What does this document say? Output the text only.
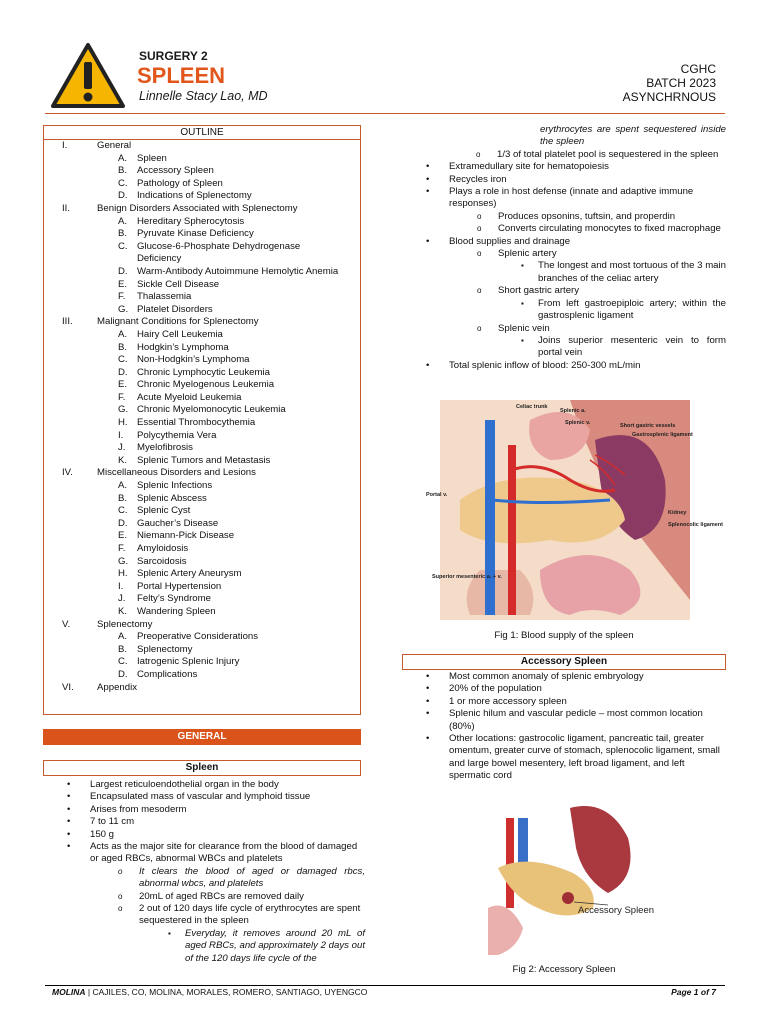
SURGERY 2
SPLEEN
Linnelle Stacy Lao, MD
CGHC
BATCH 2023
ASYNCHRNOUS
OUTLINE
I.	General
A. Spleen
B. Accessory Spleen
C. Pathology of Spleen
D. Indications of Splenectomy
II.	Benign Disorders Associated with Splenectomy
A. Hereditary Spherocytosis
B. Pyruvate Kinase Deficiency
C. Glucose-6-Phosphate Dehydrogenase Deficiency
D. Warm-Antibody Autoimmune Hemolytic Anemia
E. Sickle Cell Disease
F. Thalassemia
G. Platelet Disorders
III.	Malignant Conditions for Splenectomy
A. Hairy Cell Leukemia
B. Hodgkin’s Lymphoma
C. Non-Hodgkin’s Lymphoma
D. Chronic Lymphocytic Leukemia
E. Chronic Myelogenous Leukemia
F. Acute Myeloid Leukemia
G. Chronic Myelomonocytic Leukemia
H. Essential Thrombocythemia
I. Polycythemia Vera
J. Myelofibrosis
K. Splenic Tumors and Metastasis
IV.	Miscellaneous Disorders and Lesions
A. Splenic Infections
B. Splenic Abscess
C. Splenic Cyst
D. Gaucher’s Disease
E. Niemann-Pick Disease
F. Amyloidosis
G. Sarcoidosis
H. Splenic Artery Aneurysm
I. Portal Hypertension
J. Felty’s Syndrome
K. Wandering Spleen
V.	Splenectomy
A. Preoperative Considerations
B. Splenectomy
C. Iatrogenic Splenic Injury
D. Complications
VI.	Appendix
GENERAL
Spleen
• Largest reticuloendothelial organ in the body
• Encapsulated mass of vascular and lymphoid tissue
• Arises from mesoderm
• 7 to 11 cm
• 150 g
• Acts as the major site for clearance from the blood of damaged or aged RBCs, abnormal WBCs and platelets
o It clears the blood of aged or damaged rbcs, abnormal wbcs, and platelets
o 20mL of aged RBCs are removed daily
o 2 out of 120 days life cycle of erythrocytes are spent sequestered in the spleen
▪ Everyday, it removes around 20 mL of aged RBCs, and approximately 2 days out of the 120 days life cycle of the
erythrocytes are spent sequestered inside the spleen
o 1/3 of total platelet pool is sequestered in the spleen
• Extramedullary site for hematopoiesis
• Recycles iron
• Plays a role in host defense (innate and adaptive immune responses)
o Produces opsonins, tuftsin, and properdin
o Converts circulating monocytes to fixed macrophage
• Blood supplies and drainage
o Splenic artery
▪ The longest and most tortuous of the 3 main branches of the celiac artery
o Short gastric artery
▪ From left gastroepiploic artery; within the gastrosplenic ligament
o Splenic vein
▪ Joins superior mesenteric vein to form portal vein
• Total splenic inflow of blood: 250-300 mL/min
Celiac trunk
Splenic a.
Splenic v.	Short gastric vessels
Gastrosplenic ligament
Portal v.
Kidney
Splenocolic ligament
Superior mesenteric a. + v.
Fig 1: Blood supply of the spleen
Accessory Spleen
• Most common anomaly of splenic embryology
• 20% of the population
• 1 or more accessory spleen
• Splenic hilum and vascular pedicle – most common location (80%)
• Other locations: gastrocolic ligament, pancreatic tail, greater omentum, greater curve of stomach, splenocolic ligament, small and large bowel mesentery, left broad ligament, and left spermatic cord
Accessory Spleen
Fig 2: Accessory Spleen
MOLINA | CAJILES, CO, MOLINA, MORALES, ROMERO, SANTIAGO, UYENGCO	Page 1 of 7
